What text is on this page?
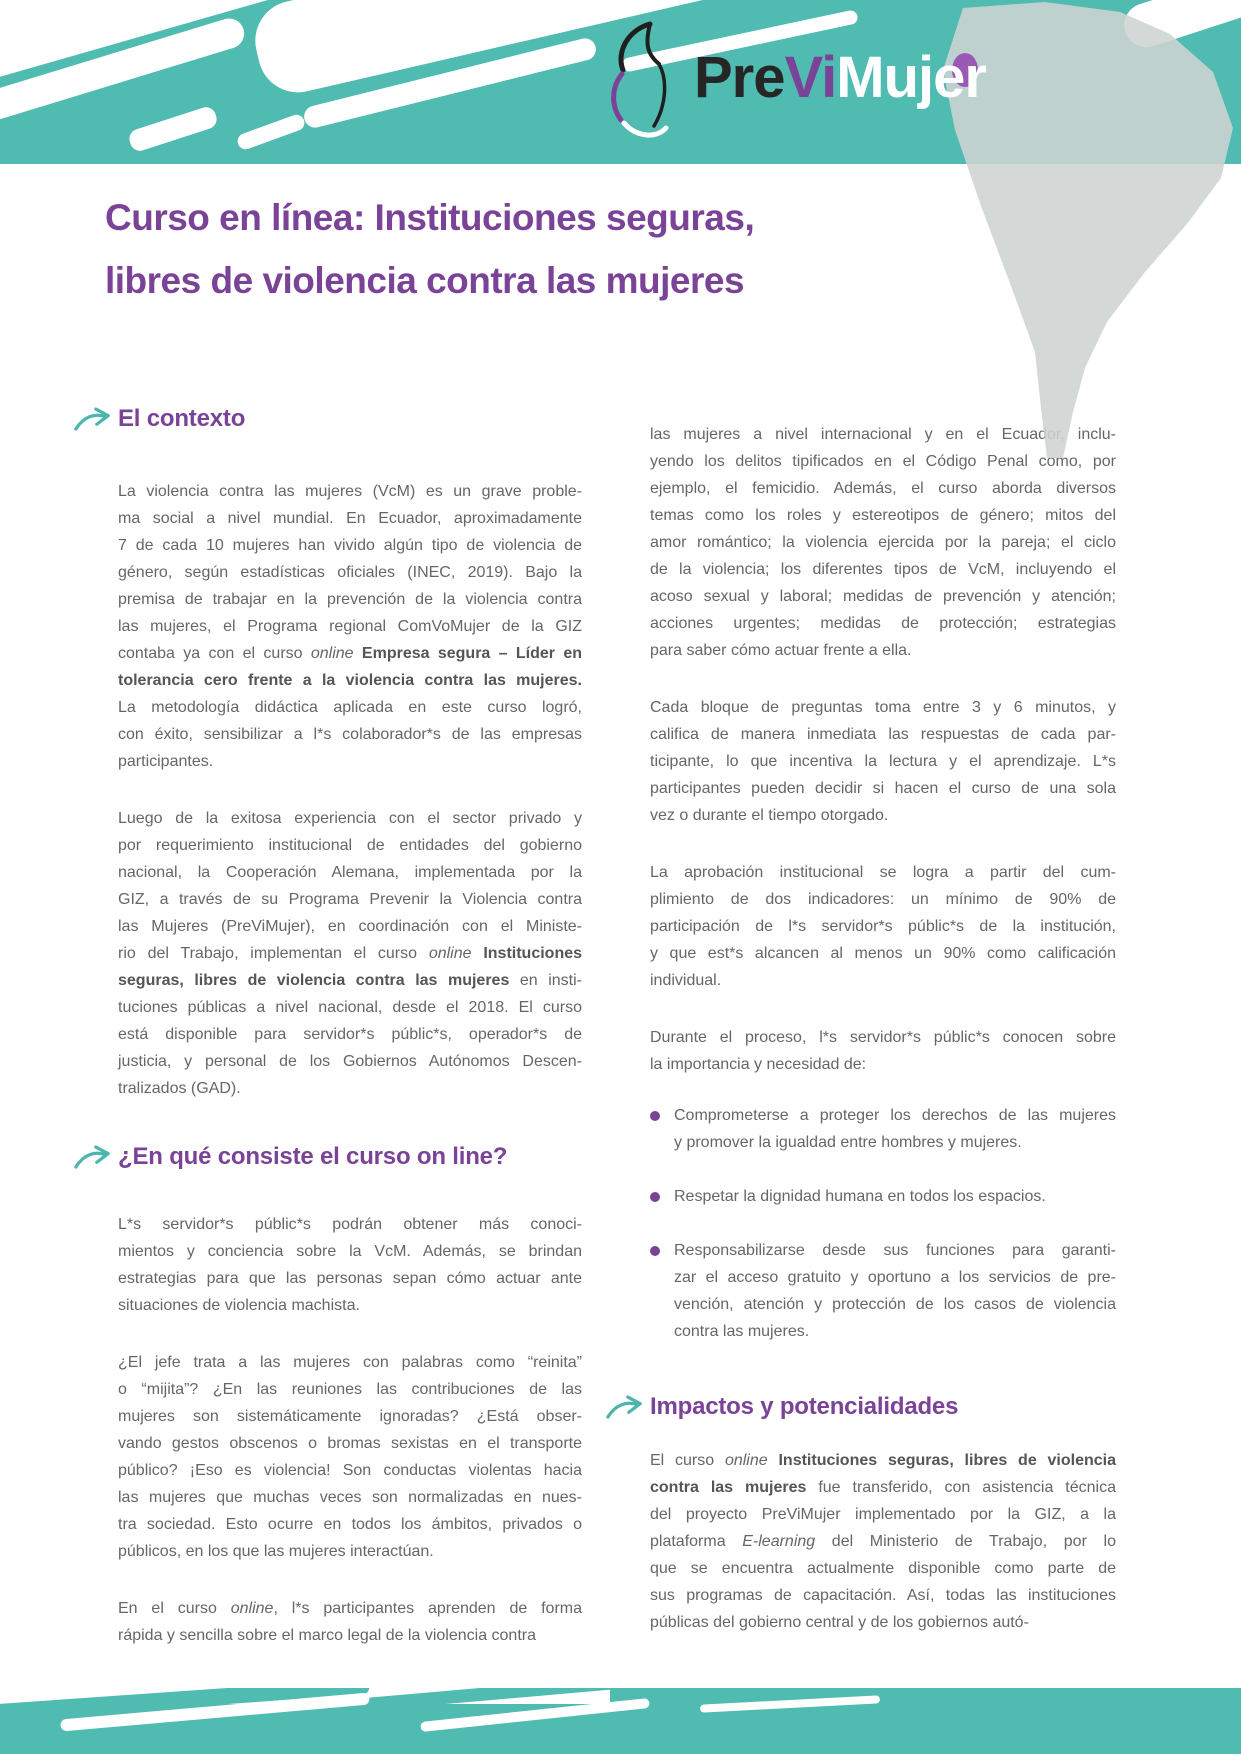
PreViMujer
Curso en línea: Instituciones seguras,
libres de violencia contra las mujeres
El contexto
La violencia contra las mujeres (VcM) es un grave proble-
ma social a nivel mundial. En Ecuador, aproximadamente
7 de cada 10 mujeres han vivido algún tipo de violencia de
género, según estadísticas oficiales (INEC, 2019). Bajo la
premisa de trabajar en la prevención de la violencia contra
las mujeres, el Programa regional ComVoMujer de la GIZ
contaba ya con el curso online Empresa segura – Líder en
tolerancia cero frente a la violencia contra las mujeres.
La metodología didáctica aplicada en este curso logró,
con éxito, sensibilizar a l*s colaborador*s de las empresas
participantes.
Luego de la exitosa experiencia con el sector privado y
por requerimiento institucional de entidades del gobierno
nacional, la Cooperación Alemana, implementada por la
GIZ, a través de su Programa Prevenir la Violencia contra
las Mujeres (PreViMujer), en coordinación con el Ministe-
rio del Trabajo, implementan el curso online Instituciones
seguras, libres de violencia contra las mujeres en insti-
tuciones públicas a nivel nacional, desde el 2018. El curso
está disponible para servidor*s públic*s, operador*s de
justicia, y personal de los Gobiernos Autónomos Descen-
tralizados (GAD).
¿En qué consiste el curso on line?
L*s servidor*s públic*s podrán obtener más conoci-
mientos y conciencia sobre la VcM. Además, se brindan
estrategias para que las personas sepan cómo actuar ante
situaciones de violencia machista.
¿El jefe trata a las mujeres con palabras como “reinita”
o “mijita”? ¿En las reuniones las contribuciones de las
mujeres son sistemáticamente ignoradas? ¿Está obser-
vando gestos obscenos o bromas sexistas en el transporte
público? ¡Eso es violencia! Son conductas violentas hacia
las mujeres que muchas veces son normalizadas en nues-
tra sociedad. Esto ocurre en todos los ámbitos, privados o
públicos, en los que las mujeres interactúan.
En el curso online, l*s participantes aprenden de forma
rápida y sencilla sobre el marco legal de la violencia contra
las mujeres a nivel internacional y en el Ecuador, inclu-
yendo los delitos tipificados en el Código Penal como, por
ejemplo, el femicidio. Además, el curso aborda diversos
temas como los roles y estereotipos de género; mitos del
amor romántico; la violencia ejercida por la pareja; el ciclo
de la violencia; los diferentes tipos de VcM, incluyendo el
acoso sexual y laboral; medidas de prevención y atención;
acciones urgentes; medidas de protección; estrategias
para saber cómo actuar frente a ella.
Cada bloque de preguntas toma entre 3 y 6 minutos, y
califica de manera inmediata las respuestas de cada par-
ticipante, lo que incentiva la lectura y el aprendizaje. L*s
participantes pueden decidir si hacen el curso de una sola
vez o durante el tiempo otorgado.
La aprobación institucional se logra a partir del cum-
plimiento de dos indicadores: un mínimo de 90% de
participación de l*s servidor*s públic*s de la institución,
y que est*s alcancen al menos un 90% como calificación
individual.
Durante el proceso, l*s servidor*s públic*s conocen sobre
la importancia y necesidad de:
Comprometerse a proteger los derechos de las mujeres
y promover la igualdad entre hombres y mujeres.
Respetar la dignidad humana en todos los espacios.
Responsabilizarse desde sus funciones para garanti-
zar el acceso gratuito y oportuno a los servicios de pre-
vención, atención y protección de los casos de violencia
contra las mujeres.
Impactos y potencialidades
El curso online Instituciones seguras, libres de violencia
contra las mujeres fue transferido, con asistencia técnica
del proyecto PreViMujer implementado por la GIZ, a la
plataforma E-learning del Ministerio de Trabajo, por lo
que se encuentra actualmente disponible como parte de
sus programas de capacitación. Así, todas las instituciones
públicas del gobierno central y de los gobiernos autó-
